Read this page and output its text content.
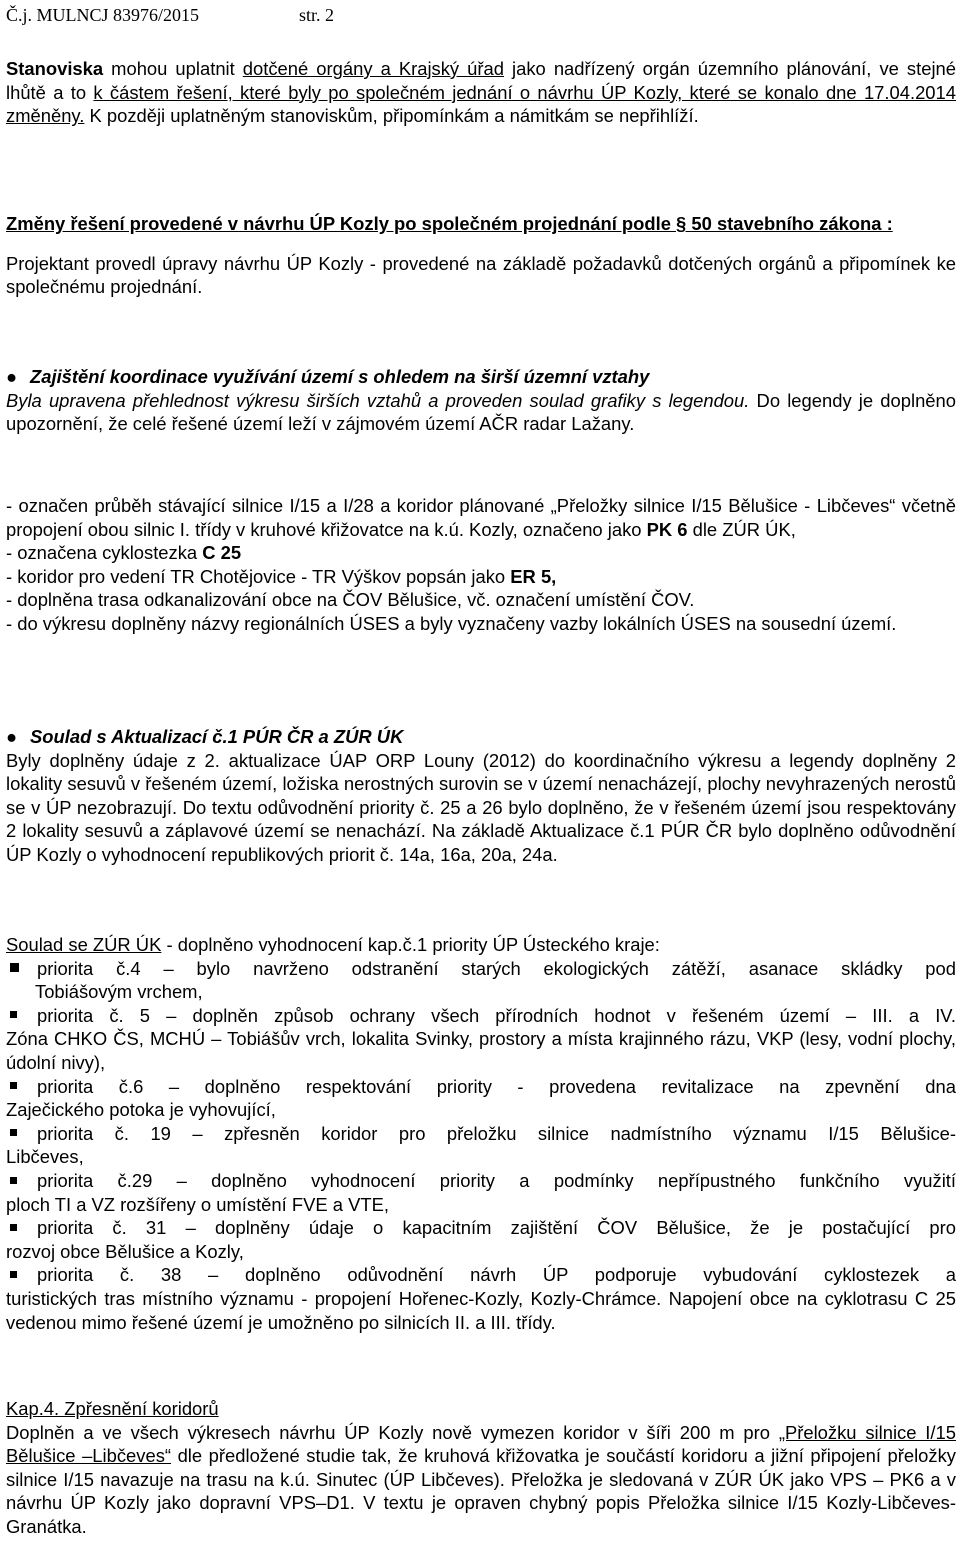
Č.j. MULNCJ 83976/2015	str. 2

Stanoviska mohou uplatnit dotčené orgány a Krajský úřad jako nadřízený orgán územního plánování, ve stejné lhůtě a to k částem řešení, které byly po společném jednání o návrhu ÚP Kozly, které se konalo dne 17.04.2014 změněny. K později uplatněným stanoviskům, připomínkám a námitkám se nepřihlíží.

Změny řešení provedené v návrhu ÚP Kozly po společném projednání podle § 50 stavebního zákona :

Projektant provedl úpravy návrhu ÚP Kozly - provedené na základě požadavků dotčených orgánů a připomínek ke společnému projednání.

● Zajištění koordinace využívání území s ohledem na širší územní vztahy

Byla upravena přehlednost výkresu širších vztahů a proveden soulad grafiky s legendou. Do legendy je doplněno upozornění, že celé řešené území leží v zájmovém území AČR radar Lažany.

- označen průběh stávající silnice I/15 a I/28 a koridor plánované „Přeložky silnice I/15 Bělušice - Libčeves“ včetně propojení obou silnic I. třídy v kruhové křižovatce na k.ú. Kozly, označeno jako PK 6 dle ZÚR ÚK,

- označena cyklostezka C 25

- koridor pro vedení TR Chotějovice - TR Výškov popsán jako ER 5,

- doplněna trasa odkanalizování obce na ČOV Bělušice, vč. označení umístění ČOV.

- do výkresu doplněny názvy regionálních ÚSES a byly vyznačeny vazby lokálních ÚSES na sousední území.

● Soulad s Aktualizací č.1 PÚR ČR a ZÚR ÚK

Byly doplněny údaje z 2. aktualizace ÚAP ORP Louny (2012) do koordinačního výkresu a legendy doplněny 2 lokality sesuvů v řešeném území, ložiska nerostných surovin se v území nenacházejí, plochy nevyhrazených nerostů se v ÚP nezobrazují. Do textu odůvodnění priority č. 25 a 26 bylo doplněno, že v řešeném území jsou respektovány 2 lokality sesuvů a záplavové území se nenachází. Na základě Aktualizace č.1 PÚR ČR bylo doplněno odůvodnění ÚP Kozly o vyhodnocení republikových priorit č. 14a, 16a, 20a, 24a.

Soulad se ZÚR ÚK - doplněno vyhodnocení kap.č.1 priority ÚP Ústeckého kraje:

priorita č.4 – bylo navrženo odstranění starých ekologických zátěží, asanace skládky pod

Tobiášovým vrchem,

priorita č. 5 – doplněn způsob ochrany všech přírodních hodnot v řešeném území – III. a IV.

Zóna CHKO ČS, MCHÚ – Tobiášův vrch, lokalita Svinky, prostory a místa krajinného rázu, VKP (lesy, vodní plochy, údolní nivy),

priorita č.6 – doplněno respektování priority - provedena revitalizace na zpevnění dna

Zaječického potoka je vyhovující,

priorita č. 19 – zpřesněn koridor pro přeložku silnice nadmístního významu I/15 Bělušice-

Libčeves,

priorita č.29 – doplněno vyhodnocení priority a podmínky nepřípustného funkčního využití

ploch TI a VZ rozšířeny o umístění FVE a VTE,

priorita č. 31 – doplněny údaje o kapacitním zajištění ČOV Bělušice, že je postačující pro

rozvoj obce Bělušice a Kozly,

priorita č. 38 – doplněno odůvodnění návrh ÚP podporuje vybudování cyklostezek a

turistických tras místního významu - propojení Hořenec-Kozly, Kozly-Chrámce. Napojení obce na cyklotrasu C 25 vedenou mimo řešené území je umožněno po silnicích II. a III. třídy.

Kap.4. Zpřesnění koridorů

Doplněn a ve všech výkresech návrhu ÚP Kozly nově vymezen koridor v šíři 200 m pro „Přeložku silnice I/15 Bělušice –Libčeves“ dle předložené studie tak, že kruhová křižovatka je součástí koridoru a jižní připojení přeložky silnice I/15 navazuje na trasu na k.ú. Sinutec (ÚP Libčeves). Přeložka je sledovaná v ZÚR ÚK jako VPS – PK6 a v návrhu ÚP Kozly jako dopravní VPS–D1. V textu je opraven chybný popis Přeložka silnice I/15 Kozly-Libčeves-Granátka.
